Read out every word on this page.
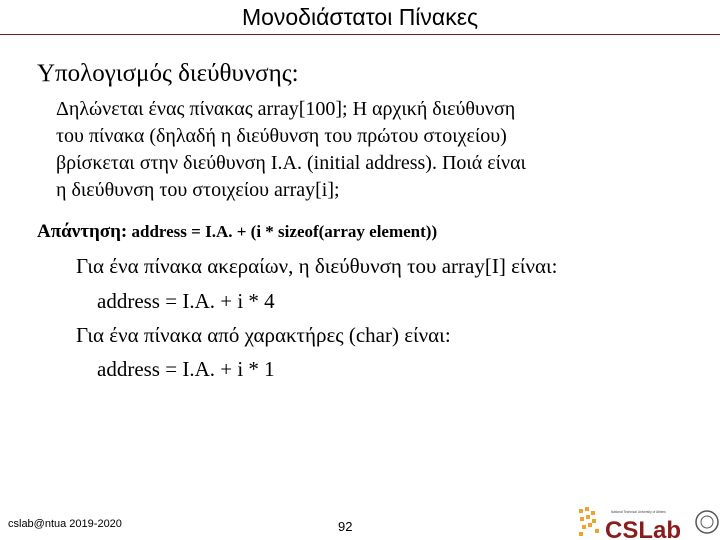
Μονοδιάστατοι Πίνακες
Υπολογισμός διεύθυνσης:
Δηλώνεται ένας πίνακας array[100]; Η αρχική διεύθυνση
του πίνακα (δηλαδή η διεύθυνση του πρώτου στοιχείου)
βρίσκεται στην διεύθυνση I.A. (initial address). Ποιά είναι
η διεύθυνση του στοιχείου array[i];
Απάντηση: address = I.A. + (i * sizeof(array element))
Για ένα πίνακα ακεραίων, η διεύθυνση του array[I] είναι:
address = I.A. + i * 4
Για ένα πίνακα από χαρακτήρες (char) είναι:
address = I.A. + i * 1
cslab@ntua 2019-2020	92
National Technical University of Athens
CSLab
